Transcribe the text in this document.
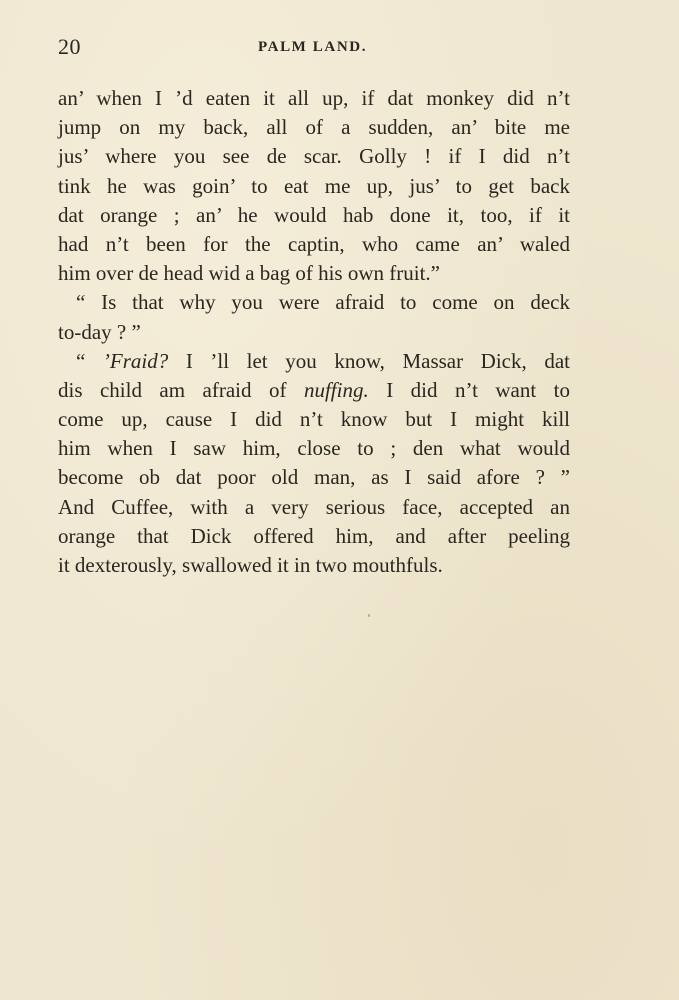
20	PALM LAND.
an’ when I ’d eaten it all up, if dat monkey did n’t
jump on my back, all of a sudden, an’ bite me
jus’ where you see de scar. Golly ! if I did n’t
tink he was goin’ to eat me up, jus’ to get back
dat orange ; an’ he would hab done it, too, if it
had n’t been for the captin, who came an’ waled
him over de head wid a bag of his own fruit.”
“ Is that why you were afraid to come on deck
to-day ? ”
“ ’Fraid? I ’ll let you know, Massar Dick, dat
dis child am afraid of nuffing. I did n’t want to
come up, cause I did n’t know but I might kill
him when I saw him, close to ; den what would
become ob dat poor old man, as I said afore ? ”
And Cuffee, with a very serious face, accepted an
orange that Dick offered him, and after peeling
it dexterously, swallowed it in two mouthfuls.
